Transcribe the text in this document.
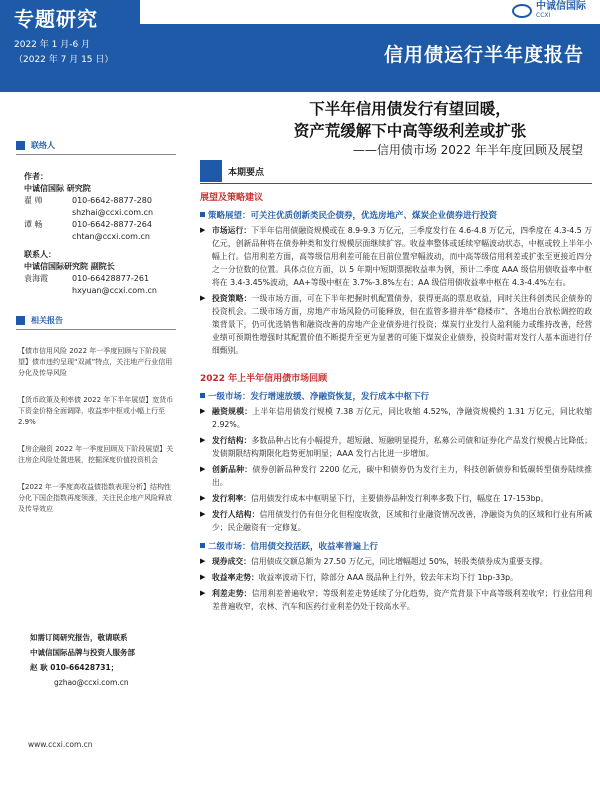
专题研究
2022 年 1 月-6 月
（2022 年 7 月 15 日）
中诚信国际
CCXI
信用债运行半年度报告
下半年信用债发行有望回暖，
资产荒缓解下中高等级利差或扩张
——信用债市场 2022 年半年度回顾及展望
联络人
作者：
中诚信国际 研究院
翟 帅	010-6642-8877-280
shzhai@ccxi.com.cn
谭 畅	010-6642-8877-264
chtan@ccxi.com.cn
联系人：
中诚信国际研究院 副院长
袁海霞	010-66428877-261
hxyuan@ccxi.com.cn
相关报告
【债市信用风险 2022 年一季度回顾与下阶段展望】债市违约呈现“双减”特点，关注地产行业信用分化及传导风险
【货币政策及利率债 2022 年下半年展望】宽货币下资金价格全面调降，收益率中枢或小幅上行至 2.9%
【房企融资 2022 年一季度回顾及下阶段展望】关注房企风险处置进展，挖掘深度价值投资机会
【2022 年一季度高收益债指数表现分析】结构性分化下国企指数再度领涨，关注民企地产风险释放及传导效应
如需订阅研究报告，敬请联系
中诚信国际品牌与投资人服务部
赵 耿 010-66428731；
gzhao@ccxi.com.cn
www.ccxi.com.cn
本期要点
展望及策略建议
策略展望：可关注优质创新类民企债券，优选房地产、煤炭企业债券进行投资
▶ 市场运行：下半年信用债融资规模或在 8.9-9.3 万亿元，三季度发行在 4.6-4.8 万亿元，四季度在 4.3-4.5 万亿元，创新品种将在债券种类和发行规模层面继续扩容。收益率整体或延续窄幅波动状态，中枢或较上半年小幅上行。信用利差方面，高等级信用利差可能在目前位置窄幅波动，而中高等级信用利差或扩张至更接近四分之一分位数的位置。具体点位方面，以 5 年期中短期票据收益率为例，预计二季度 AAA 级信用债收益率中枢将在 3.4-3.45%波动，AA+等级中枢在 3.7%-3.8%左右；AA 级信用债收益率中枢在 4.3-4.4%左右。
▶ 投资策略：一级市场方面，可在下半年把握时机配置债券，获得更高的票息收益，同时关注科创类民企债券的投资机会。二级市场方面，房地产市场风险仍可能释放，但在监管多措并举“稳楼市”、各地出台放松调控的政策背景下，仍可优选销售和融资改善的房地产企业债券进行投资；煤炭行业发行人盈利能力或维持改善，经营业绩可预期性增强时其配置价值不断提升至更为显著的可能下煤炭企业债券，投资时需对发行人基本面进行仔细甄别。
2022 年上半年信用债市场回顾
一级市场：发行增速放缓、净融资恢复，发行成本中枢下行
▶ 融资规模：上半年信用债发行规模 7.38 万亿元，同比收缩 4.52%，净融资规模约 1.31 万亿元，同比收缩 2.92%。
▶ 发行结构：多数品种占比有小幅提升，超短融、短融明显提升，私募公司债和证券化产品发行规模占比降低；发债期限结构期限化趋势更加明显；AAA 发行占比进一步增加。
▶ 创新品种：债券创新品种发行 2200 亿元，碳中和债券仍为发行主力，科技创新债券和低碳转型债券陆续推出。
▶ 发行利率：信用债发行成本中枢明显下行，主要债券品种发行利率多数下行，幅度在 17-153bp。
▶ 发行人结构：信用债发行仍有但分化但程度收敛，区域和行业融资情况改善，净融资为负的区域和行业有所减少；民企融资有一定修复。
二级市场：信用债交投活跃，收益率普遍上行
▶ 现券成交：信用债成交额总额为 27.50 万亿元，同比增幅超过 50%，转股类债券成为重要支撑。
▶ 收益率走势：收益率波动下行，除部分 AAA 级品种上行外，较去年末均下行 1bp-33p。
▶ 利差走势：信用利差普遍收窄；等级利差走势延续了分化趋势，资产荒背景下中高等级利差收窄；行业信用利差普遍收窄，农林、汽车和医药行业利差仍处于较高水平。
